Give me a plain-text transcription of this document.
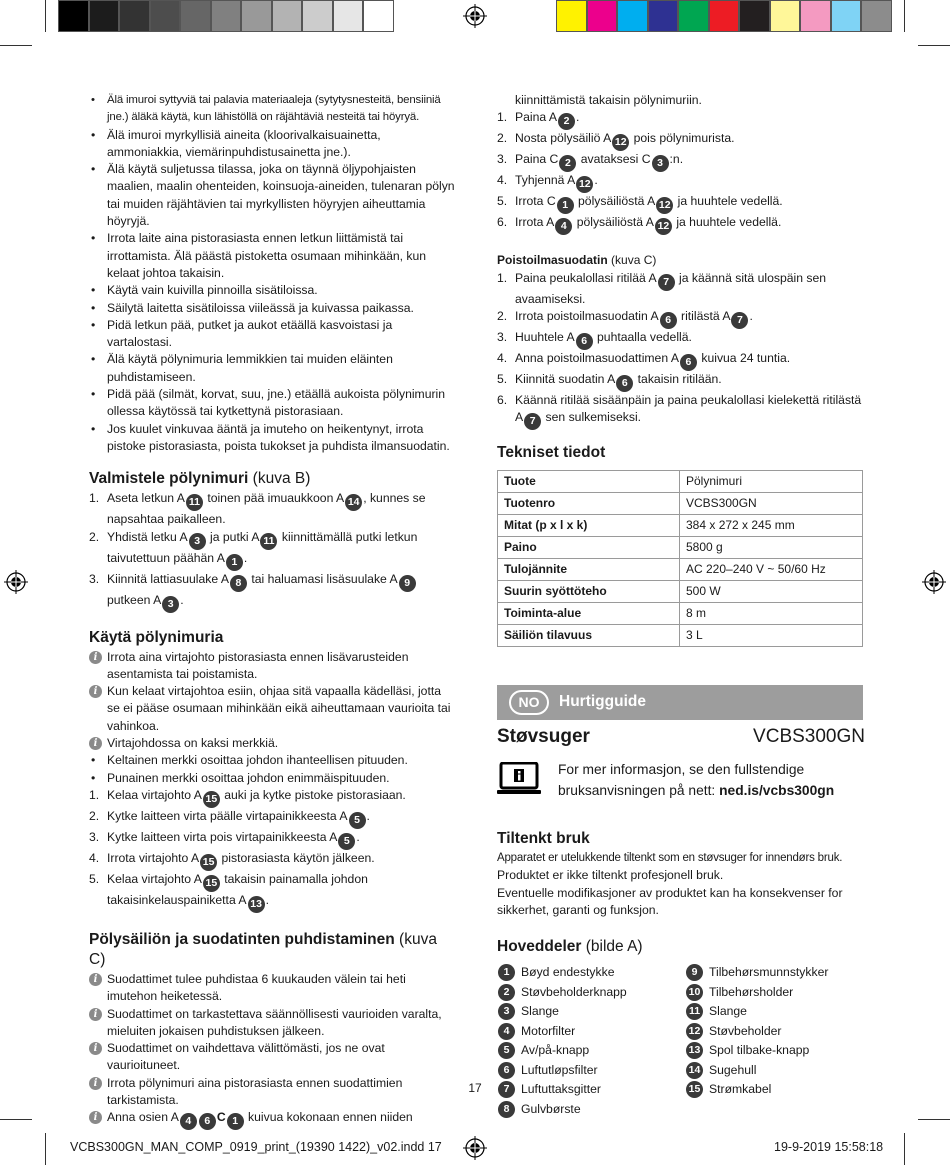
• Älä imuroi syttyviä tai palavia materiaaleja (sytytysnesteitä, bensiiniä jne.) äläkä käytä, kun lähistöllä on räjähtäviä nesteitä tai höyryä.
• Älä imuroi myrkyllisiä aineita (kloorivalkaisuainetta, ammoniakkia, viemärinpuhdistusainetta jne.).
• Älä käytä suljetussa tilassa, joka on täynnä öljypohjaisten maalien, maalin ohenteiden, koinsuoja-aineiden, tulenaran pölyn tai muiden räjähtävien tai myrkyllisten höyryjen aiheuttamia höyryjä.
• Irrota laite aina pistorasiasta ennen letkun liittämistä tai irrottamista. Älä päästä pistoketta osumaan mihinkään, kun kelaat johtoa takaisin.
• Käytä vain kuivilla pinnoilla sisätiloissa.
• Säilytä laitetta sisätiloissa viileässä ja kuivassa paikassa.
• Pidä letkun pää, putket ja aukot etäällä kasvoistasi ja vartalostasi.
• Älä käytä pölynimuria lemmikkien tai muiden eläinten puhdistamiseen.
• Pidä pää (silmät, korvat, suu, jne.) etäällä aukoista pölynimurin ollessa käytössä tai kytkettynä pistorasiaan.
• Jos kuulet vinkuvaa ääntä ja imuteho on heikentynyt, irrota pistoke pistorasiasta, poista tukokset ja puhdista ilmansuodatin.
Valmistele pölynimuri (kuva B)
1. Aseta letkun A 11 toinen pää imuaukkoon A 14 , kunnes se napsahtaa paikalleen.
2. Yhdistä letku A 3 ja putki A 11 kiinnittämällä putki letkun taivutettuun päähän A 1 .
3. Kiinnitä lattiasuulake A 8 tai haluamasi lisäsuulake A 9 putkeen A 3 .
Käytä pölynimuria
i Irrota aina virtajohto pistorasiasta ennen lisävarusteiden asentamista tai poistamista.
i Kun kelaat virtajohtoa esiin, ohjaa sitä vapaalla kädelläsi, jotta se ei pääse osumaan mihinkään eikä aiheuttamaan vaurioita tai vahinkoa.
i Virtajohdossa on kaksi merkkiä.
• Keltainen merkki osoittaa johdon ihanteellisen pituuden.
• Punainen merkki osoittaa johdon enimmäispituuden.
1. Kelaa virtajohto A 15 auki ja kytke pistoke pistorasiaan.
2. Kytke laitteen virta päälle virtapainikkeesta A 5 .
3. Kytke laitteen virta pois virtapainikkeesta A 5 .
4. Irrota virtajohto A 15 pistorasiasta käytön jälkeen.
5. Kelaa virtajohto A 15 takaisin painamalla johdon takaisinkelauspainiketta A 13 .
Pölysäiliön ja suodatinten puhdistaminen (kuva C)
i Suodattimet tulee puhdistaa 6 kuukauden välein tai heti imutehon heiketessä.
i Suodattimet on tarkastettava säännöllisesti vaurioiden varalta, mieluiten jokaisen puhdistuksen jälkeen.
i Suodattimet on vaihdettava välittömästi, jos ne ovat vaurioituneet.
i Irrota pölynimuri aina pistorasiasta ennen suodattimien tarkistamista.
i Anna osien A 4 6 C 1 kuivua kokonaan ennen niiden
kiinnittämistä takaisin pölynimuriin.
1. Paina A 2 .
2. Nosta pölysäiliö A 12 pois pölynimurista.
3. Paina C 2 avataksesi C 3 :n.
4. Tyhjennä A 12 .
5. Irrota C 1 pölysäiliöstä A 12 ja huuhtele vedellä.
6. Irrota A 4 pölysäiliöstä A 12 ja huuhtele vedellä.
Poistoilmasuodatin (kuva C)
1. Paina peukalollasi ritilää A 7 ja käännä sitä ulospäin sen avaamiseksi.
2. Irrota poistoilmasuodatin A 6 ritilästä A 7 .
3. Huuhtele A 6 puhtaalla vedellä.
4. Anna poistoilmasuodattimen A 6 kuivua 24 tuntia.
5. Kiinnitä suodatin A 6 takaisin ritilään.
6. Käännä ritilää sisäänpäin ja paina peukalollasi kielekettä ritilästä A 7 sen sulkemiseksi.
Tekniset tiedot
Tuote	Pölynimuri
Tuotenro	VCBS300GN
Mitat (p x l x k)	384 x 272 x 245 mm
Paino	5800 g
Tulojännite	AC 220–240 V ~ 50/60 Hz
Suurin syöttöteho	500 W
Toiminta-alue	8 m
Säiliön tilavuus	3 L
NO	Hurtigguide
Støvsuger	VCBS300GN
For mer informasjon, se den fullstendige
bruksanvisningen på nett: ned.is/vcbs300gn
Tiltenkt bruk
Apparatet er utelukkende tiltenkt som en støvsuger for innendørs bruk.
Produktet er ikke tiltenkt profesjonell bruk.
Eventuelle modifikasjoner av produktet kan ha konsekvenser for sikkerhet, garanti og funksjon.
Hoveddeler (bilde A)
1 Bøyd endestykke
2 Støvbeholderknapp
3 Slange
4 Motorfilter
5 Av/på-knapp
6 Luftutløpsfilter
7 Luftuttaksgitter
8 Gulvbørste
9 Tilbehørsmunnstykker
10 Tilbehørsholder
11 Slange
12 Støvbeholder
13 Spol tilbake-knapp
14 Sugehull
15 Strømkabel
17
VCBS300GN_MAN_COMP_0919_print_(19390 1422)_v02.indd 17	19-9-2019 15:58:18
